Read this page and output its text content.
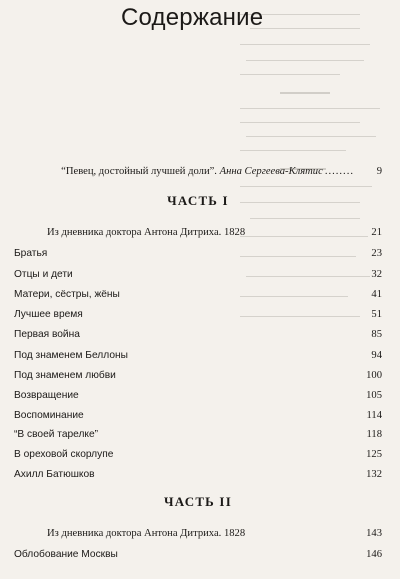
Содержание
“Певец, достойный лучшей доли”. Анна Сергеева-Клятис ........	9
ЧАСТЬ I
Из дневника доктора Антона Дитриха. 1828	21
Братья	23
Отцы и дети	32
Матери, сёстры, жёны	41
Лучшее время	51
Первая война	85
Под знаменем Беллоны	94
Под знаменем любви	100
Возвращение	105
Воспоминание	114
“В своей тарелке”	118
В ореховой скорлупе	125
Ахилл Батюшков	132
ЧАСТЬ II
Из дневника доктора Антона Дитриха. 1828	143
Облобование Москвы	146
